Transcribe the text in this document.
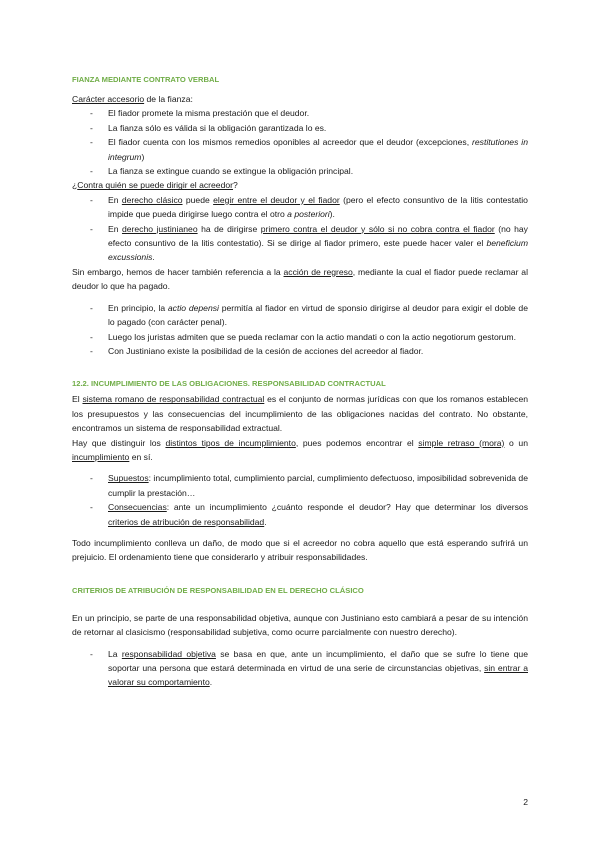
FIANZA MEDIANTE CONTRATO VERBAL

Carácter accesorio de la fianza:

- El fiador promete la misma prestación que el deudor.
- La fianza sólo es válida si la obligación garantizada lo es.
- El fiador cuenta con los mismos remedios oponibles al acreedor que el deudor (excepciones, restitutiones in integrum)
- La fianza se extingue cuando se extingue la obligación principal.

¿Contra quién se puede dirigir el acreedor?

- En derecho clásico puede elegir entre el deudor y el fiador (pero el efecto consuntivo de la litis contestatio impide que pueda dirigirse luego contra el otro a posteriori).
- En derecho justinianeo ha de dirigirse primero contra el deudor y sólo si no cobra contra el fiador (no hay efecto consuntivo de la litis contestatio). Si se dirige al fiador primero, este puede hacer valer el beneficium excussionis.

Sin embargo, hemos de hacer también referencia a la acción de regreso, mediante la cual el fiador puede reclamar al deudor lo que ha pagado.

- En principio, la actio depensi permitía al fiador en virtud de sponsio dirigirse al deudor para exigir el doble de lo pagado (con carácter penal).
- Luego los juristas admiten que se pueda reclamar con la actio mandati o con la actio negotiorum gestorum.
- Con Justiniano existe la posibilidad de la cesión de acciones del acreedor al fiador.
12.2. INCUMPLIMIENTO DE LAS OBLIGACIONES. RESPONSABILIDAD CONTRACTUAL

El sistema romano de responsabilidad contractual es el conjunto de normas jurídicas con que los romanos establecen los presupuestos y las consecuencias del incumplimiento de las obligaciones nacidas del contrato. No obstante, encontramos un sistema de responsabilidad extractual.

Hay que distinguir los distintos tipos de incumplimiento, pues podemos encontrar el simple retraso (mora) o un incumplimiento en sí.

- Supuestos: incumplimiento total, cumplimiento parcial, cumplimiento defectuoso, imposibilidad sobrevenida de cumplir la prestación…
- Consecuencias: ante un incumplimiento ¿cuánto responde el deudor? Hay que determinar los diversos criterios de atribución de responsabilidad.

Todo incumplimiento conlleva un daño, de modo que si el acreedor no cobra aquello que está esperando sufrirá un prejuicio. El ordenamiento tiene que considerarlo y atribuir responsabilidades.

CRITERIOS DE ATRIBUCIÓN DE RESPONSABILIDAD EN EL DERECHO CLÁSICO

En un principio, se parte de una responsabilidad objetiva, aunque con Justiniano esto cambiará a pesar de su intención de retornar al clasicismo (responsabilidad subjetiva, como ocurre parcialmente con nuestro derecho).

- La responsabilidad objetiva se basa en que, ante un incumplimiento, el daño que se sufre lo tiene que soportar una persona que estará determinada en virtud de una serie de circunstancias objetivas, sin entrar a valorar su comportamiento.
2
